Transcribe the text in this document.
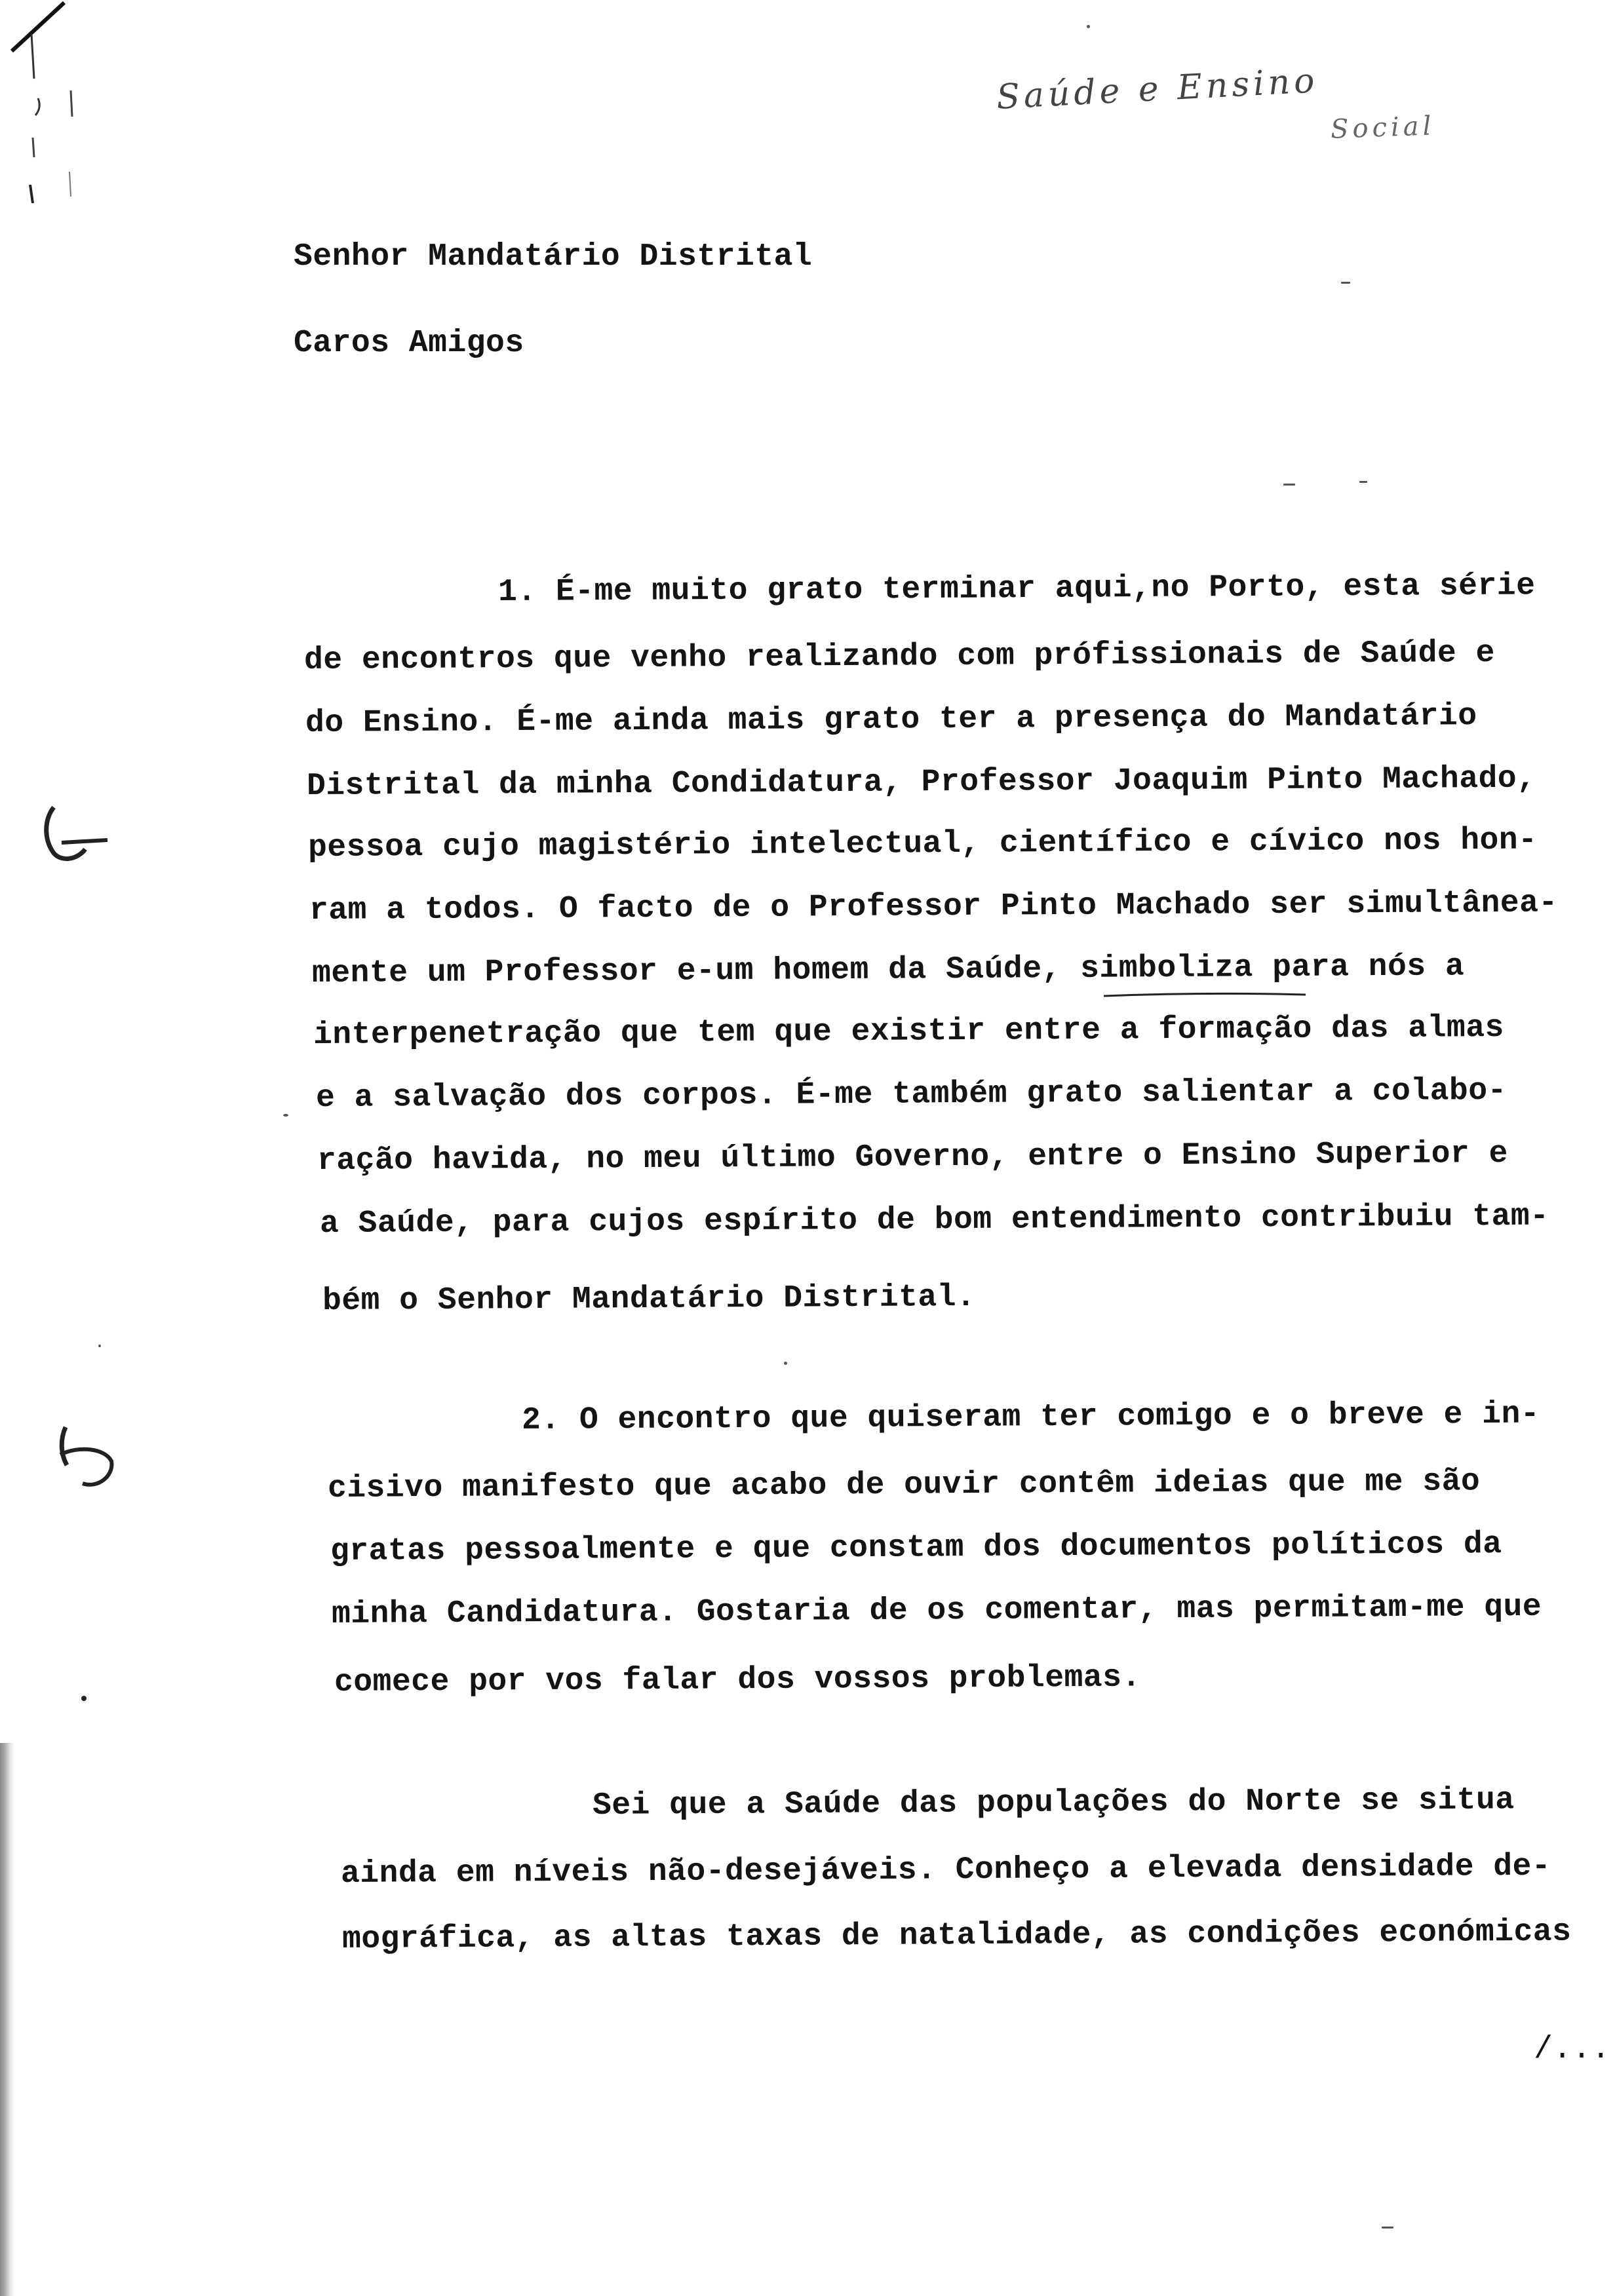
Saúde e Ensino
Social
Senhor Mandatário Distrital
Caros Amigos
1. É-me muito grato terminar aqui,no Porto, esta série
de encontros que venho realizando com prófissionais de Saúde e
do Ensino. É-me ainda mais grato ter a presença do Mandatário
Distrital da minha Condidatura, Professor Joaquim Pinto Machado,
pessoa cujo magistério intelectual, científico e cívico nos hon-
ram a todos. O facto de o Professor Pinto Machado ser simultânea-
mente um Professor e-um homem da Saúde, simboliza para nós a
interpenetração que tem que existir entre a formação das almas
e a salvação dos corpos. É-me também grato salientar a colabo-
ração havida, no meu último Governo, entre o Ensino Superior e
a Saúde, para cujos espírito de bom entendimento contribuiu tam-
bém o Senhor Mandatário Distrital.
2. O encontro que quiseram ter comigo e o breve e in-
cisivo manifesto que acabo de ouvir contêm ideias que me são
gratas pessoalmente e que constam dos documentos políticos da
minha Candidatura. Gostaria de os comentar, mas permitam-me que
comece por vos falar dos vossos problemas.
Sei que a Saúde das populações do Norte se situa
ainda em níveis não-desejáveis. Conheço a elevada densidade de-
mográfica, as altas taxas de natalidade, as condições económicas
/...
